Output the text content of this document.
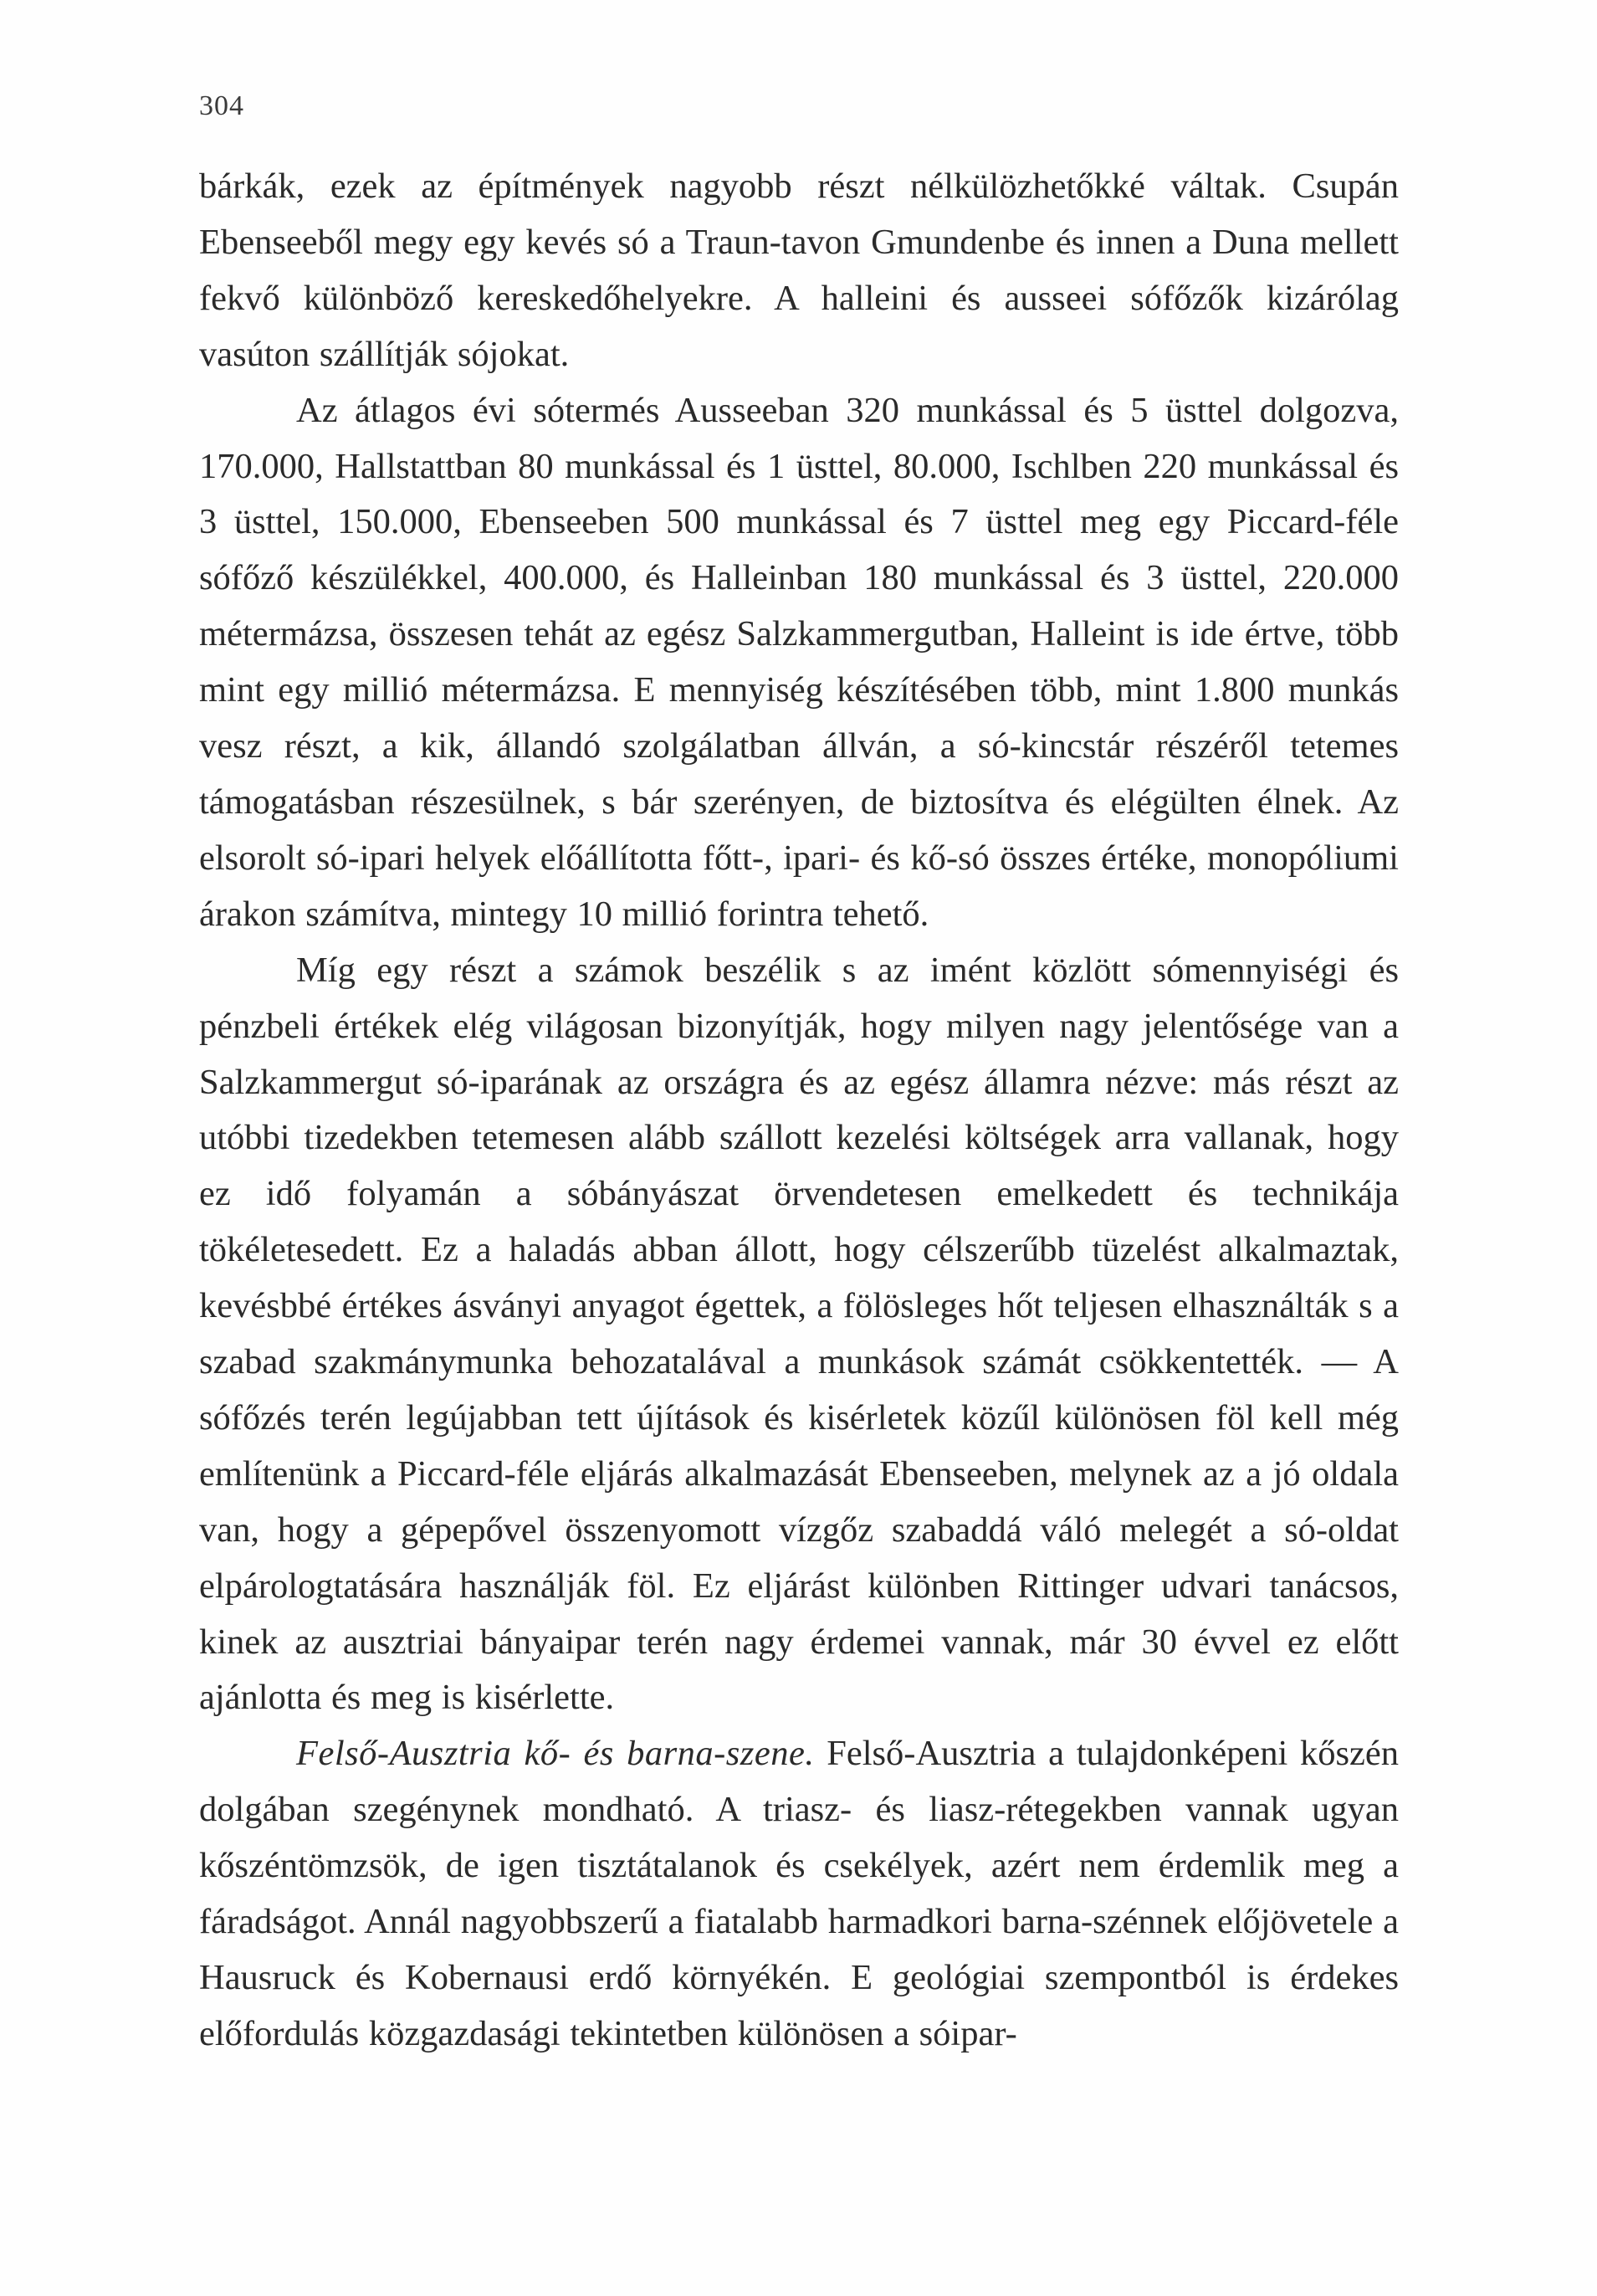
304

bárkák, ezek az építmények nagyobb részt nélkülözhetőkké váltak. Csupán Ebenseeből megy egy kevés só a Traun-tavon Gmundenbe és innen a Duna mellett fekvő különböző kereskedőhelyekre. A halleini és ausseei sófőzők kizárólag vasúton szállítják sójokat.

Az átlagos évi sótermés Ausseeban 320 munkással és 5 üsttel dolgozva, 170.000, Hallstattban 80 munkással és 1 üsttel, 80.000, Ischlben 220 munkással és 3 üsttel, 150.000, Ebenseeben 500 munkással és 7 üsttel meg egy Piccard-féle sófőző készülékkel, 400.000, és Halleinban 180 munkással és 3 üsttel, 220.000 métermázsa, összesen tehát az egész Salzkammergutban, Halleint is ide értve, több mint egy millió métermázsa. E mennyiség készítésében több, mint 1.800 munkás vesz részt, a kik, állandó szolgálatban állván, a só-kincstár részéről tetemes támogatásban részesülnek, s bár szerényen, de biztosítva és elégülten élnek. Az elsorolt só-ipari helyek előállította főtt-, ipari- és kő-só összes értéke, monopóliumi árakon számítva, mintegy 10 millió forintra tehető.

Míg egy részt a számok beszélik s az imént közlött sómennyiségi és pénzbeli értékek elég világosan bizonyítják, hogy milyen nagy jelentősége van a Salzkammergut só-iparának az országra és az egész államra nézve: más részt az utóbbi tizedekben tetemesen alább szállott kezelési költségek arra vallanak, hogy ez idő folyamán a sóbányászat örvendetesen emelkedett és technikája tökéletesedett. Ez a haladás abban állott, hogy célszerűbb tüzelést alkalmaztak, kevésbbé értékes ásványi anyagot égettek, a fölösleges hőt teljesen elhasználták s a szabad szakmánymunka behozatalával a munkások számát csökkentették. — A sófőzés terén legújabban tett újítások és kisérletek közűl különösen föl kell még említenünk a Piccard-féle eljárás alkalmazását Ebenseeben, melynek az a jó oldala van, hogy a gépерővel összenyomott vízgőz szabaddá váló melegét a só-oldat elpárologtatására használják föl. Ez eljárást különben Rittinger udvari tanácsos, kinek az ausztriai bányaipar terén nagy érdemei vannak, már 30 évvel ez előtt ajánlotta és meg is kisérlette.

Felső-Ausztria kő- és barna-szene. Felső-Ausztria a tulajdonképeni kőszén dolgában szegénynek mondható. A triasz- és liasz-rétegekben vannak ugyan kőszéntömzsök, de igen tisztátalanok és csekélyek, azért nem érdemlik meg a fáradságot. Annál nagyobbszerű a fiatalabb harmadkori barna-szénnek előjövetele a Hausruck és Kobernausi erdő környékén. E geológiai szempontból is érdekes előfordulás közgazdasági tekintetben különösen a sóipar-
